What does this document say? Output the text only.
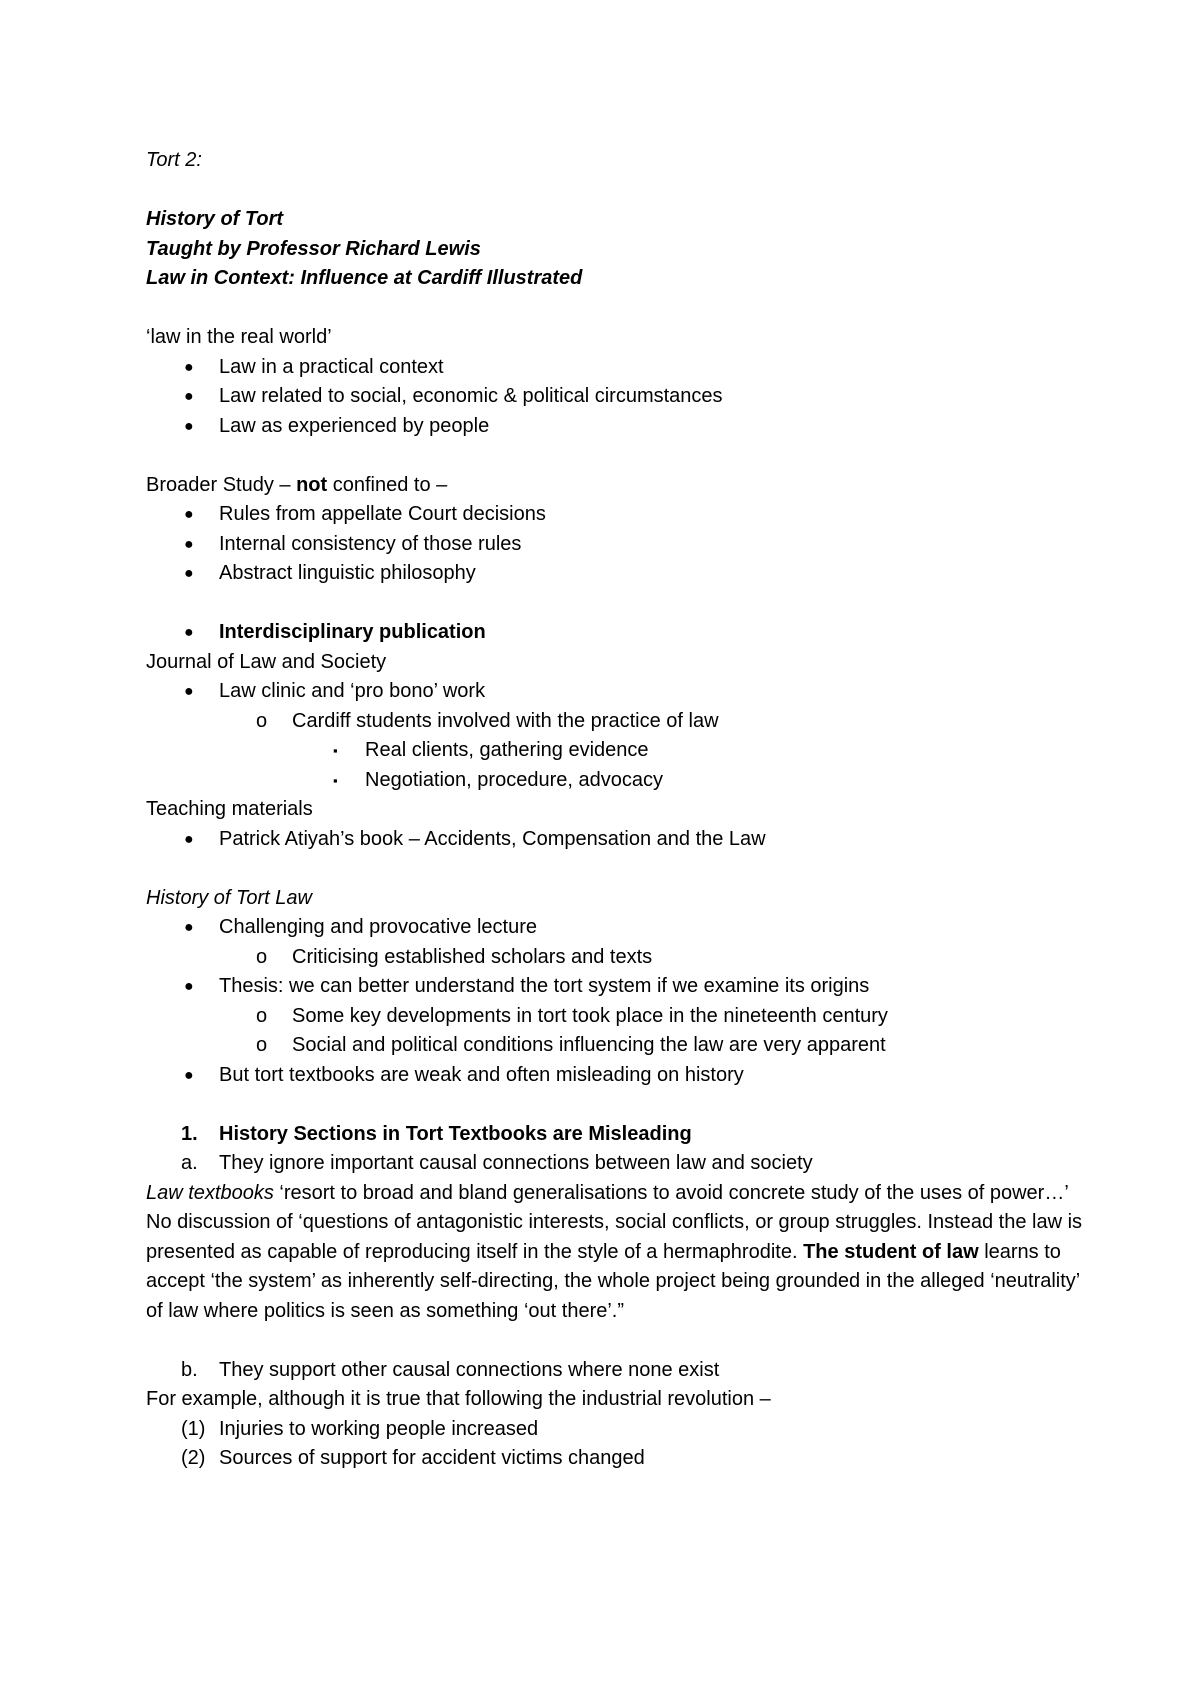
Tort 2:
History of Tort
Taught by Professor Richard Lewis
Law in Context: Influence at Cardiff Illustrated
‘law in the real world’
● Law in a practical context
● Law related to social, economic & political circumstances
● Law as experienced by people
Broader Study – not confined to –
● Rules from appellate Court decisions
● Internal consistency of those rules
● Abstract linguistic philosophy
● Interdisciplinary publication
Journal of Law and Society
● Law clinic and ‘pro bono’ work
o Cardiff students involved with the practice of law
▪ Real clients, gathering evidence
▪ Negotiation, procedure, advocacy
Teaching materials
● Patrick Atiyah’s book – Accidents, Compensation and the Law
History of Tort Law
● Challenging and provocative lecture
o Criticising established scholars and texts
● Thesis: we can better understand the tort system if we examine its origins
o Some key developments in tort took place in the nineteenth century
o Social and political conditions influencing the law are very apparent
● But tort textbooks are weak and often misleading on history
1. History Sections in Tort Textbooks are Misleading
a. They ignore important causal connections between law and society
Law textbooks ‘resort to broad and bland generalisations to avoid concrete study of the uses of power…’
No discussion of ‘questions of antagonistic interests, social conflicts, or group struggles. Instead the law is presented as capable of reproducing itself in the style of a hermaphrodite. The student of law learns to accept ‘the system’ as inherently self-directing, the whole project being grounded in the alleged ‘neutrality’ of law where politics is seen as something ‘out there’.”
b. They support other causal connections where none exist
For example, although it is true that following the industrial revolution –
(1) Injuries to working people increased
(2) Sources of support for accident victims changed
